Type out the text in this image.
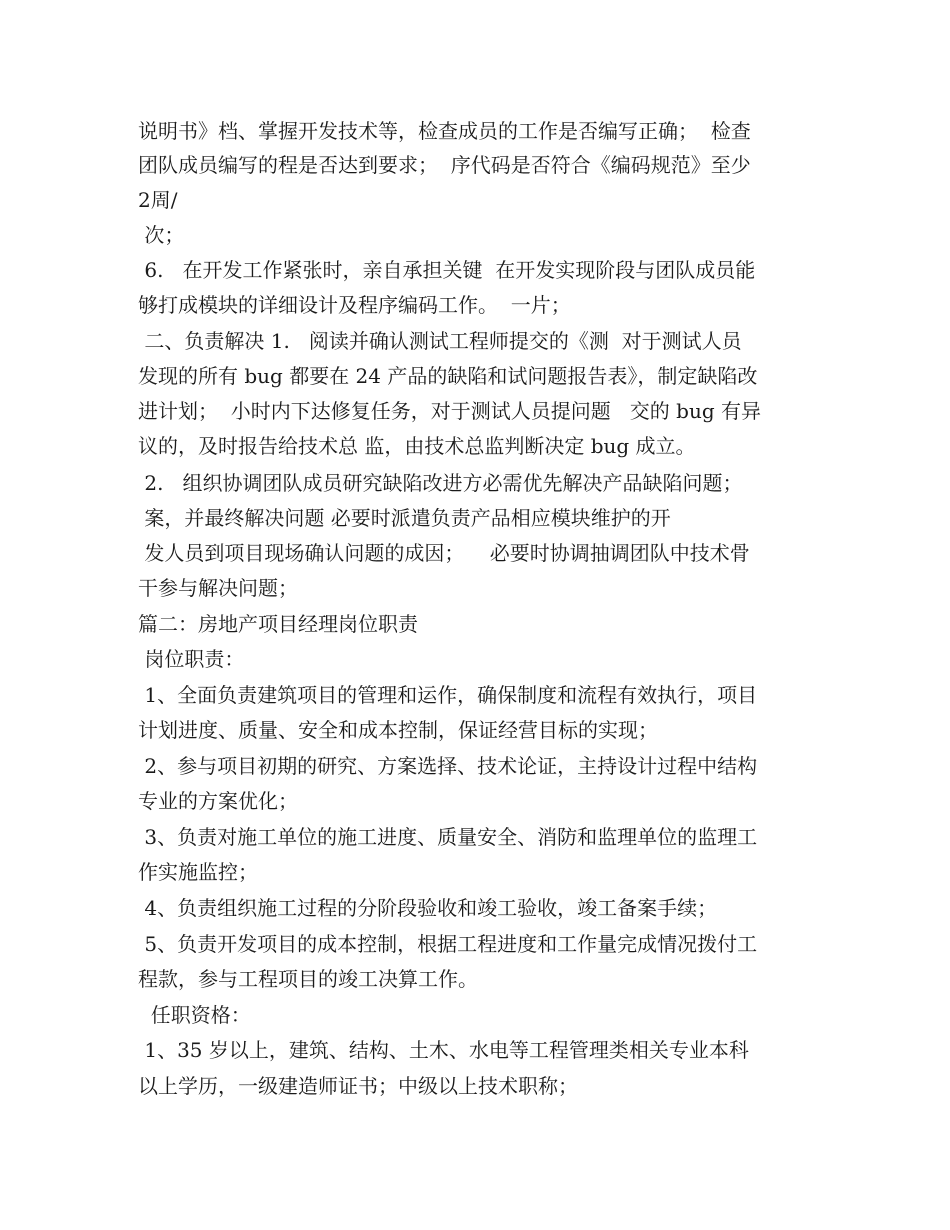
说明书》档、掌握开发技术等，检查成员的工作是否编写正确；  检查
团队成员编写的程是否达到要求；  序代码是否符合《编码规范》至少
2周/
次；
6.   在开发工作紧张时，亲自承担关键  在开发实现阶段与团队成员能
够打成模块的详细设计及程序编码工作。  一片；
二、负责解决 1.   阅读并确认测试工程师提交的《测  对于测试人员
发现的所有 bug 都要在 24 产品的缺陷和试问题报告表》，制定缺陷改
进计划；  小时内下达修复任务，对于测试人员提问题   交的 bug 有异
议的，及时报告给技术总 监，由技术总监判断决定 bug 成立。
2.   组织协调团队成员研究缺陷改进方必需优先解决产品缺陷问题；
案，并最终解决问题 必要时派遣负责产品相应模块维护的开
发人员到项目现场确认问题的成因；    必要时协调抽调团队中技术骨
干参与解决问题；
篇二：房地产项目经理岗位职责
岗位职责：
1、全面负责建筑项目的管理和运作，确保制度和流程有效执行，项目
计划进度、质量、安全和成本控制，保证经营目标的实现；
2、参与项目初期的研究、方案选择、技术论证，主持设计过程中结构
专业的方案优化；
3、负责对施工单位的施工进度、质量安全、消防和监理单位的监理工
作实施监控；
4、负责组织施工过程的分阶段验收和竣工验收，竣工备案手续；
5、负责开发项目的成本控制，根据工程进度和工作量完成情况拨付工
程款，参与工程项目的竣工决算工作。
任职资格：
1、35 岁以上，建筑、结构、土木、水电等工程管理类相关专业本科
以上学历，一级建造师证书；中级以上技术职称；
